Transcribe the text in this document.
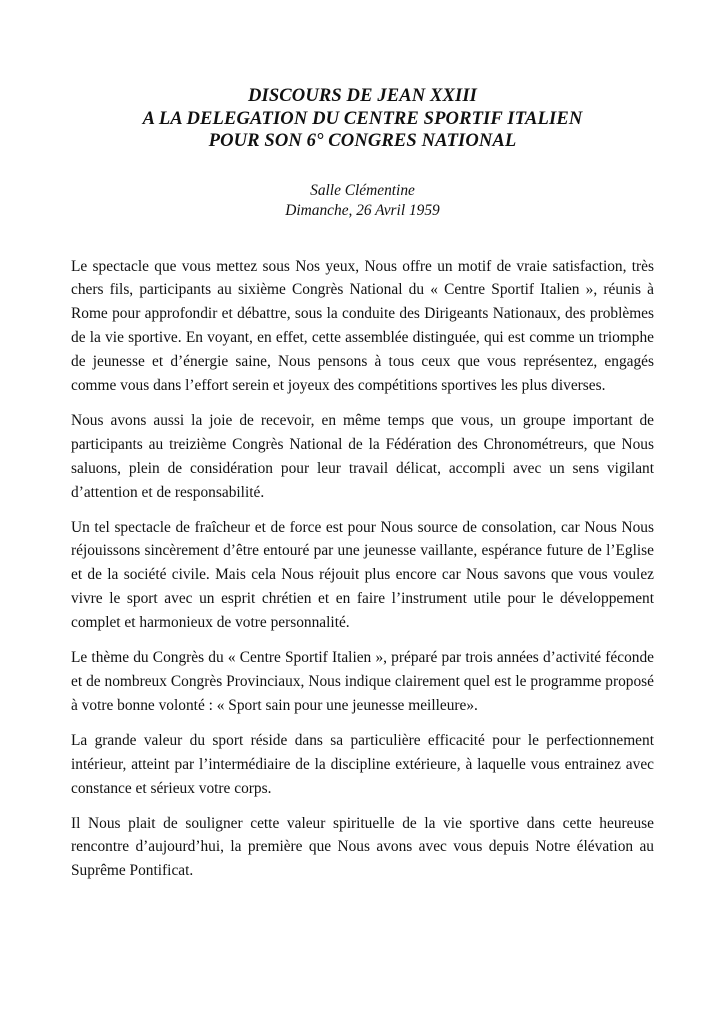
DISCOURS DE JEAN XXIII

A LA DELEGATION DU CENTRE SPORTIF ITALIEN

POUR SON 6° CONGRES NATIONAL

Salle Clémentine

Dimanche, 26 Avril 1959

Le spectacle que vous mettez sous Nos yeux, Nous offre un motif de vraie satisfaction, très chers fils, participants au sixième Congrès National du « Centre Sportif Italien », réunis à Rome pour approfondir et débattre, sous la conduite des Dirigeants Nationaux, des problèmes de la vie sportive. En voyant, en effet, cette assemblée distinguée, qui est comme un triomphe de jeunesse et d’énergie saine, Nous pensons à tous ceux que vous représentez, engagés comme vous dans l’effort serein et joyeux des compétitions sportives les plus diverses.

Nous avons aussi la joie de recevoir, en même temps que vous, un groupe important de participants au treizième Congrès National de la Fédération des Chronométreurs, que Nous saluons, plein de considération pour leur travail délicat, accompli avec un sens vigilant d’attention et de responsabilité.

Un tel spectacle de fraîcheur et de force est pour Nous source de consolation, car Nous Nous réjouissons sincèrement d’être entouré par une jeunesse vaillante, espérance future de l’Eglise et de la société civile. Mais cela Nous réjouit plus encore car Nous savons que vous voulez vivre le sport avec un esprit chrétien et en faire l’instrument utile pour le développement complet et harmonieux de votre personnalité.

Le thème du Congrès du « Centre Sportif Italien », préparé par trois années d’activité féconde et de nombreux Congrès Provinciaux, Nous indique clairement quel est le programme proposé à votre bonne volonté : « Sport sain pour une jeunesse meilleure».

La grande valeur du sport réside dans sa particulière efficacité pour le perfectionnement intérieur, atteint par l’intermédiaire de la discipline extérieure, à laquelle vous entrainez avec constance et sérieux votre corps.

Il Nous plait de souligner cette valeur spirituelle de la vie sportive dans cette heureuse rencontre d’aujourd’hui, la première que Nous avons avec vous depuis Notre élévation au Suprême Pontificat.
